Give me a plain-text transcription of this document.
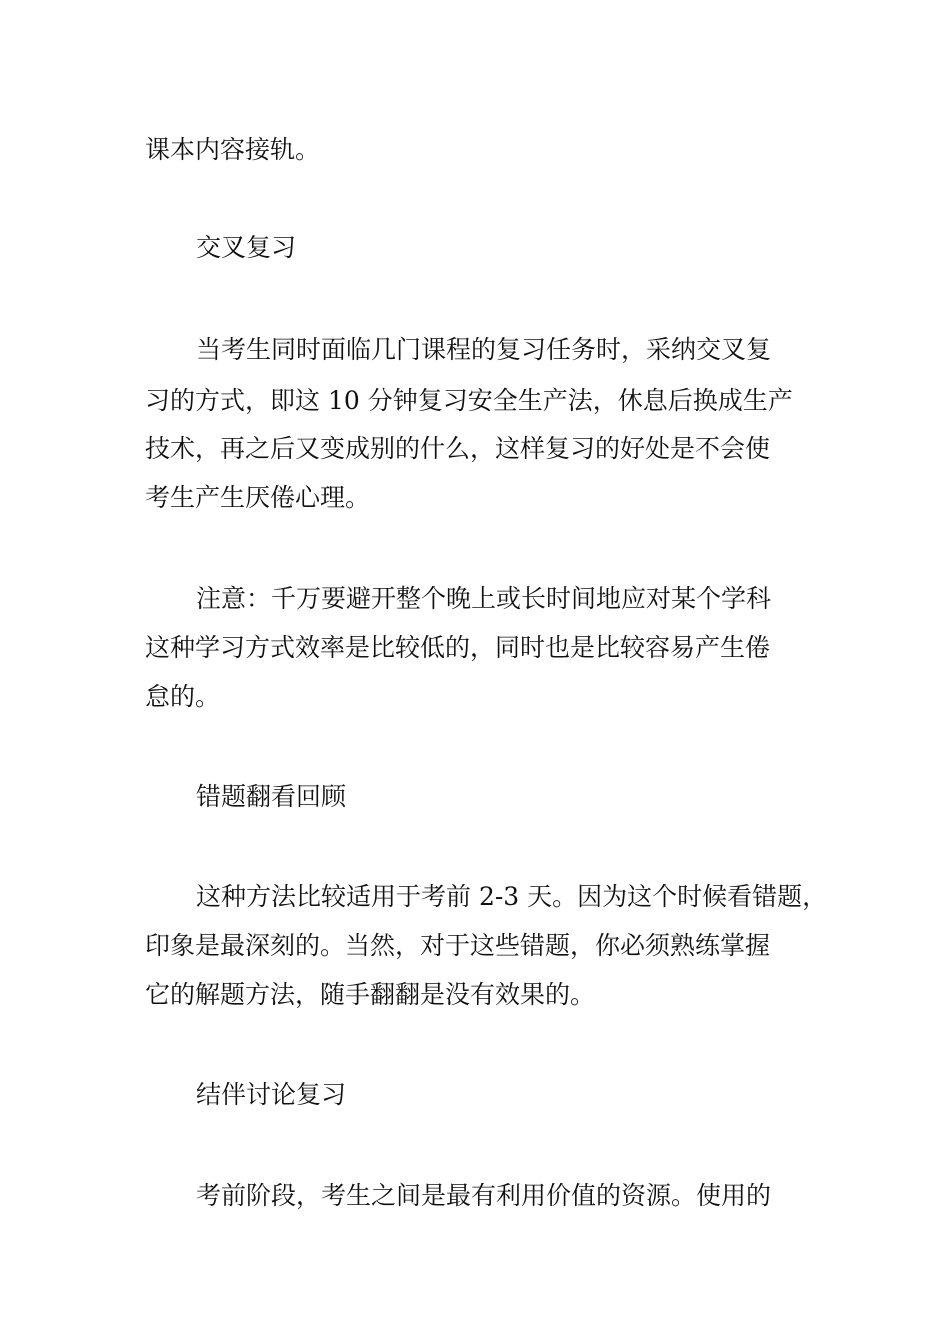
课本内容接轨。

交叉复习

当考生同时面临几门课程的复习任务时，采纳交叉复

习的方式，即这 10 分钟复习安全生产法，休息后换成生产

技术，再之后又变成别的什么，这样复习的好处是不会使

考生产生厌倦心理。

注意：千万要避开整个晚上或长时间地应对某个学科

这种学习方式效率是比较低的，同时也是比较容易产生倦

怠的。

错题翻看回顾

这种方法比较适用于考前 2-3 天。因为这个时候看错题，

印象是最深刻的。当然，对于这些错题，你必须熟练掌握

它的解题方法，随手翻翻是没有效果的。

结伴讨论复习

考前阶段，考生之间是最有利用价值的资源。使用的
